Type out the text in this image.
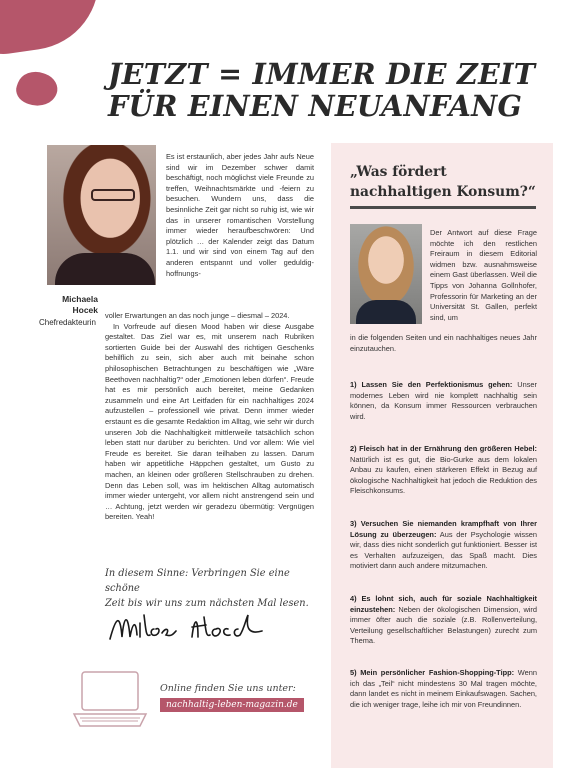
JETZT = IMMER DIE ZEIT
FÜR EINEN NEUANFANG
Michaela
Hocek
Chefredakteurin

Es ist erstaunlich, aber jedes Jahr aufs Neue sind wir im Dezember schwer damit beschäftigt, noch möglichst viele Freunde zu treffen, Weihnachtsmärkte und -feiern zu besuchen. Wundern uns, dass die besinnliche Zeit gar nicht so ruhig ist, wie wir das in unserer romantischen Vorstellung immer wieder heraufbeschwören: Und plötzlich … der Kalender zeigt das Datum 1.1. und wir sind von einem Tag auf den anderen entspannt und voller geduldig-hoffnungs-

voller Erwartungen an das noch junge – diesmal – 2024.

In Vorfreude auf diesen Mood haben wir diese Ausgabe gestaltet. Das Ziel war es, mit unserem nach Rubriken sortierten Guide bei der Auswahl des richtigen Geschenks behilflich zu sein, sich aber auch mit beinahe schon philosophischen Betrachtungen zu beschäftigen wie „Wäre Beethoven nachhaltig?“ oder „Emotionen leben dürfen“. Freude hat es mir persönlich auch bereitet, meine Gedanken zusammeln und eine Art Leitfaden für ein nachhaltiges 2024 aufzustellen – professionell wie privat. Denn immer wieder erstaunt es die gesamte Redaktion im Alltag, wie sehr wir durch unseren Job die Nachhaltigkeit mittlerweile tatsächlich schon leben statt nur darüber zu berichten. Und vor allem: Wie viel Freude es bereitet. Sie daran teilhaben zu lassen. Darum haben wir appetitliche Häppchen gestaltet, um Gusto zu machen, an kleinen oder größeren Stellschrauben zu drehen. Denn das Leben soll, was im hektischen Alltag automatisch immer wieder untergeht, vor allem nicht anstrengend sein und … Achtung, jetzt werden wir geradezu übermütig: Vergnügen bereiten. Yeah!

In diesem Sinne: Verbringen Sie eine schöne
Zeit bis wir uns zum nächsten Mal lesen.
Online finden Sie uns unter:
nachhaltig-leben-magazin.de
„Was fördert
nachhaltigen Konsum?“

Der Antwort auf diese Frage möchte ich den restlichen Freiraum in diesem Editorial widmen bzw. ausnahmsweise einem Gast überlassen. Weil die Tipps von Johanna Gollnhofer, Professorin für Marketing an der Universität St. Gallen, perfekt sind, um

in die folgenden Seiten und ein nachhaltiges neues Jahr einzutauchen.

1) Lassen Sie den Perfektionismus gehen: Unser modernes Leben wird nie komplett nachhaltig sein können, da Konsum immer Ressourcen verbrauchen wird.

2) Fleisch hat in der Ernährung den größeren Hebel: Natürlich ist es gut, die Bio-Gurke aus dem lokalen Anbau zu kaufen, einen stärkeren Effekt in Bezug auf ökologische Nachhaltigkeit hat jedoch die Reduktion des Fleischkonsums.

3) Versuchen Sie niemanden krampfhaft von Ihrer Lösung zu überzeugen: Aus der Psychologie wissen wir, dass dies nicht sonderlich gut funktioniert. Besser ist es Verhalten aufzuzeigen, das Spaß macht. Dies motiviert dann auch andere mitzumachen.

4) Es lohnt sich, auch für soziale Nachhaltigkeit einzustehen: Neben der ökologischen Dimension, wird immer öfter auch die soziale (z.B. Rollenverteilung, Verteilung gesellschaftlicher Belastungen) zurecht zum Thema.

5) Mein persönlicher Fashion-Shopping-Tipp: Wenn ich das „Teil“ nicht mindestens 30 Mal tragen möchte, dann landet es nicht in meinem Einkaufswagen. Sachen, die ich weniger trage, leihe ich mir von Freundinnen.
